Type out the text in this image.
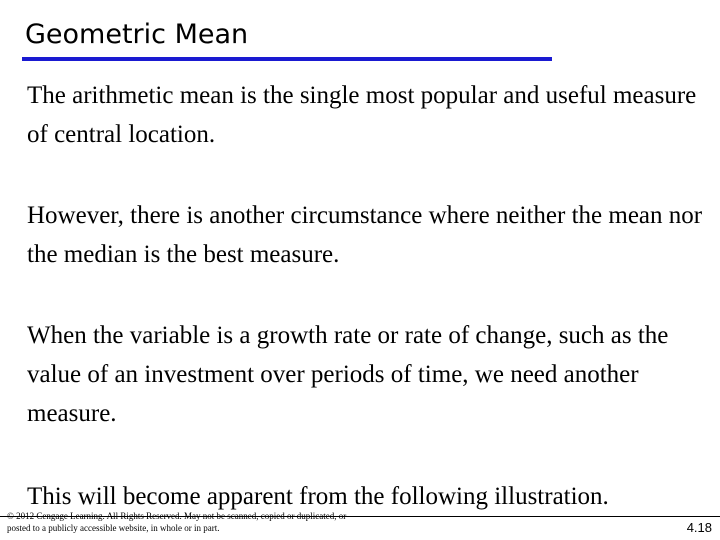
Geometric Mean

The arithmetic mean is the single most popular and useful measure of central location.

However, there is another circumstance where neither the mean nor the median is the best measure.

When the variable is a growth rate or rate of change, such as the value of an investment over periods of time, we need another measure.

This will become apparent from the following illustration.

© 2012 Cengage Learning. All Rights Reserved. May not be scanned, copied or duplicated, or posted to a publicly accessible website, in whole or in part.	4.18
